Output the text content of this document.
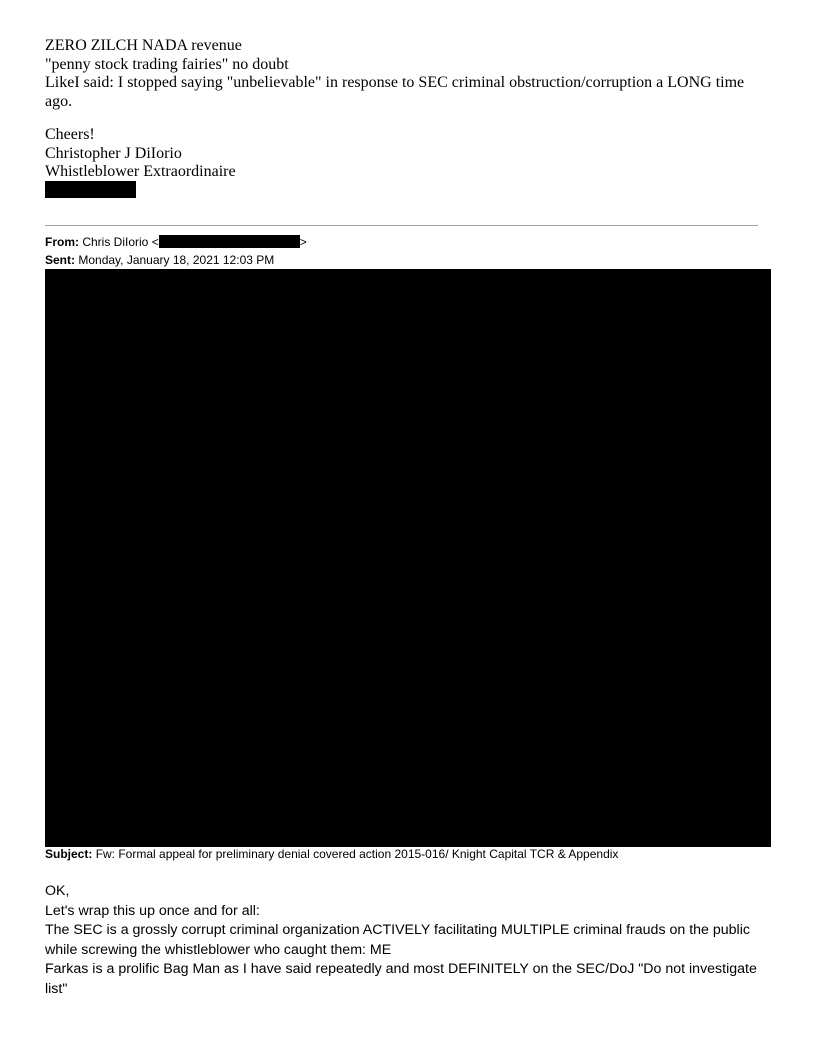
ZERO ZILCH NADA revenue
"penny stock trading fairies" no doubt
LikeI said: I stopped saying "unbelievable" in response to SEC criminal obstruction/corruption a LONG time
ago.
Cheers!
Christopher J DiIorio
Whistleblower Extraordinaire
From: Chris DiIorio <	>
Sent: Monday, January 18, 2021 12:03 PM
Subject: Fw: Formal appeal for preliminary denial covered action 2015-016/ Knight Capital TCR & Appendix
OK,
Let's wrap this up once and for all:
The SEC is a grossly corrupt criminal organization ACTIVELY facilitating MULTIPLE criminal frauds on the public
while screwing the whistleblower who caught them: ME
Farkas is a prolific Bag Man as I have said repeatedly and most DEFINITELY on the SEC/DoJ "Do not investigate
list"
